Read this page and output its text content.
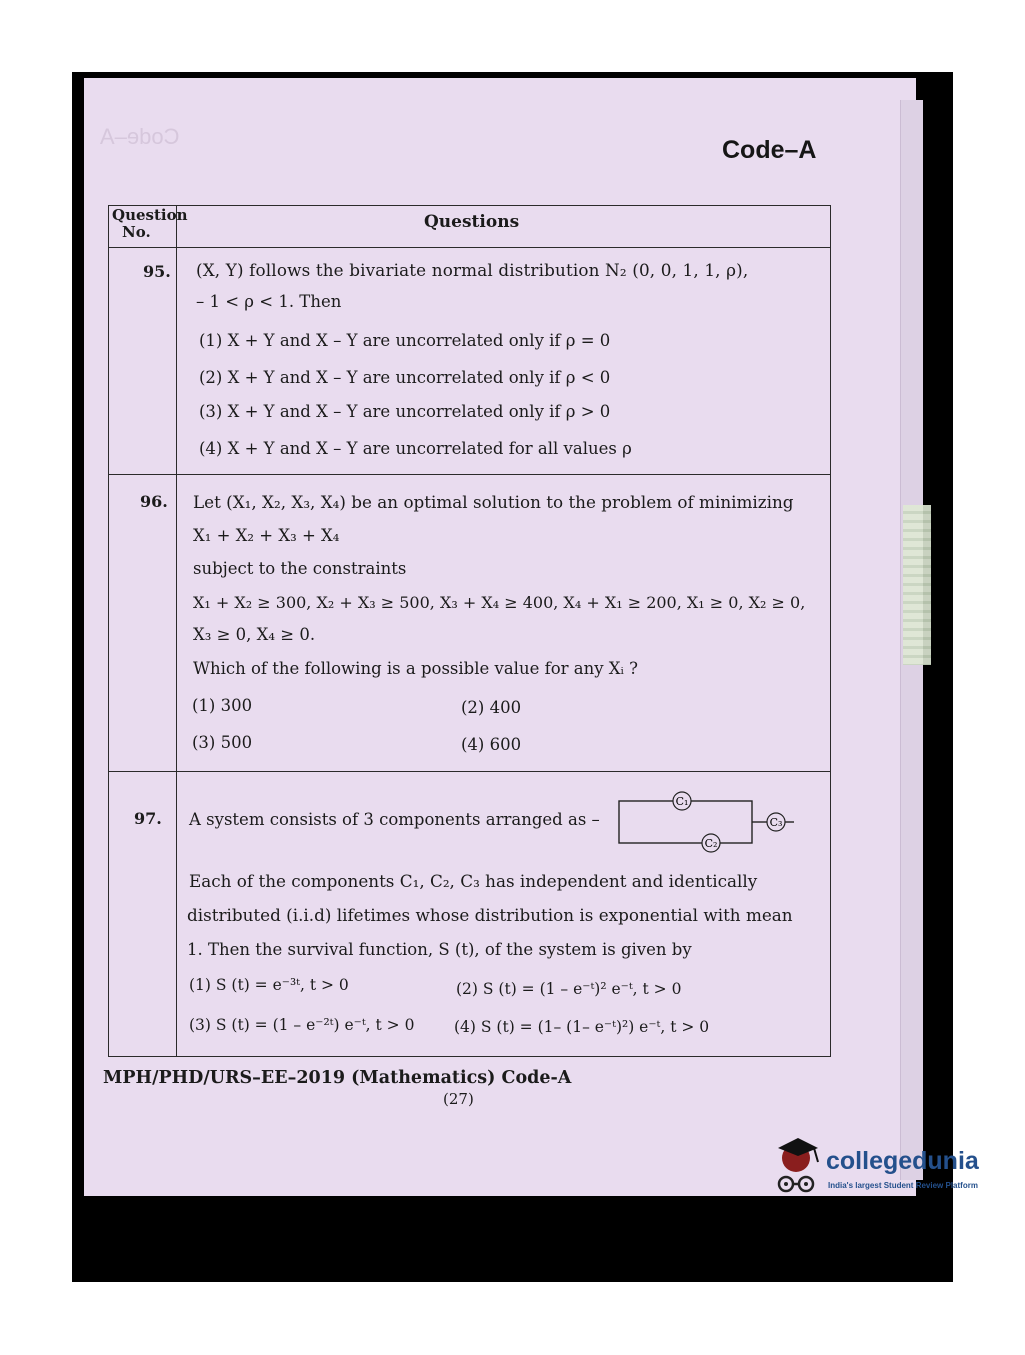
Code–A	Code–A
Question
No.	Questions
95. (X, Y) follows the bivariate normal distribution N₂ (0, 0, 1, 1, ρ),
– 1 < ρ < 1. Then
(1) X + Y and X – Y are uncorrelated only if ρ = 0
(2) X + Y and X – Y are uncorrelated only if ρ < 0
(3) X + Y and X – Y are uncorrelated only if ρ > 0
(4) X + Y and X – Y are uncorrelated for all values ρ
96. Let (X₁, X₂, X₃, X₄) be an optimal solution to the problem of minimizing
X₁ + X₂ + X₃ + X₄
subject to the constraints
X₁ + X₂ ≥ 300, X₂ + X₃ ≥ 500, X₃ + X₄ ≥ 400, X₄ + X₁ ≥ 200, X₁ ≥ 0, X₂ ≥ 0,
X₃ ≥ 0, X₄ ≥ 0.
Which of the following is a possible value for any Xᵢ ?
(1) 300	(2) 400
(3) 500	(4) 600
97. A system consists of 3 components arranged as –
C₁
C₂
C₃
Each of the components C₁, C₂, C₃ has independent and identically
distributed (i.i.d) lifetimes whose distribution is exponential with mean
1. Then the survival function, S (t), of the system is given by
(1) S (t) = e⁻³ᵗ, t > 0	(2) S (t) = (1 – e⁻ᵗ)² e⁻ᵗ, t > 0
(3) S (t) = (1 – e⁻²ᵗ) e⁻ᵗ, t > 0	(4) S (t) = (1– (1– e⁻ᵗ)²) e⁻ᵗ, t > 0
MPH/PHD/URS–EE–2019 (Mathematics) Code-A
(27)
collegedunia
India's largest Student Review Platform
